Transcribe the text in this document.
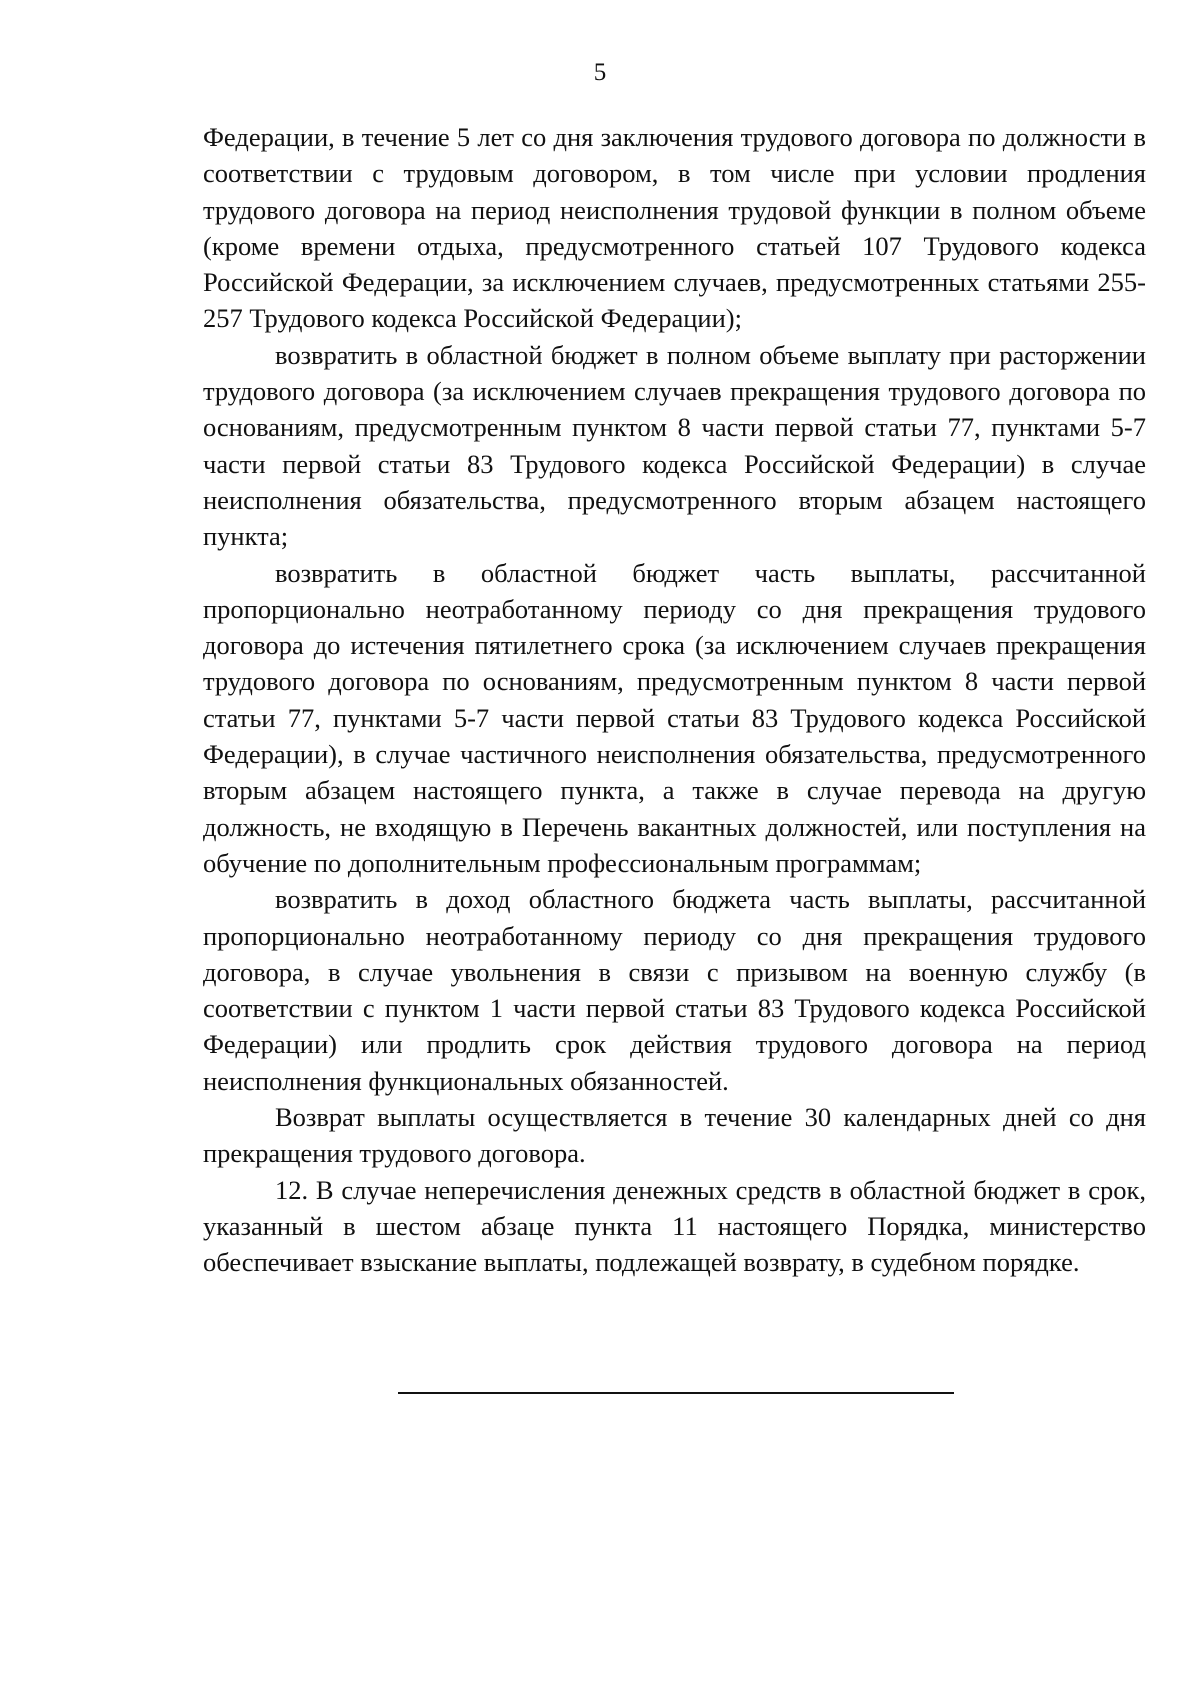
5

Федерации, в течение 5 лет со дня заключения трудового договора по должности в соответствии с трудовым договором, в том числе при условии продления трудового договора на период неисполнения трудовой функции в полном объеме (кроме времени отдыха, предусмотренного статьей 107 Трудового кодекса Российской Федерации, за исключением случаев, предусмотренных статьями 255-257 Трудового кодекса Российской Федерации);

возвратить в областной бюджет в полном объеме выплату при расторжении трудового договора (за исключением случаев прекращения трудового договора по основаниям, предусмотренным пунктом 8 части первой статьи 77, пунктами 5-7 части первой статьи 83 Трудового кодекса Российской Федерации) в случае неисполнения обязательства, предусмотренного вторым абзацем настоящего пункта;

возвратить в областной бюджет часть выплаты, рассчитанной пропорционально неотработанному периоду со дня прекращения трудового договора до истечения пятилетнего срока (за исключением случаев прекращения трудового договора по основаниям, предусмотренным пунктом 8 части первой статьи 77, пунктами 5-7 части первой статьи 83 Трудового кодекса Российской Федерации), в случае частичного неисполнения обязательства, предусмотренного вторым абзацем настоящего пункта, а также в случае перевода на другую должность, не входящую в Перечень вакантных должностей, или поступления на обучение по дополнительным профессиональным программам;

возвратить в доход областного бюджета часть выплаты, рассчитанной пропорционально неотработанному периоду со дня прекращения трудового договора, в случае увольнения в связи с призывом на военную службу (в соответствии с пунктом 1 части первой статьи 83 Трудового кодекса Российской Федерации) или продлить срок действия трудового договора на период неисполнения функциональных обязанностей.

Возврат выплаты осуществляется в течение 30 календарных дней со дня прекращения трудового договора.

12. В случае неперечисления денежных средств в областной бюджет в срок, указанный в шестом абзаце пункта 11 настоящего Порядка, министерство обеспечивает взыскание выплаты, подлежащей возврату, в судебном порядке.
